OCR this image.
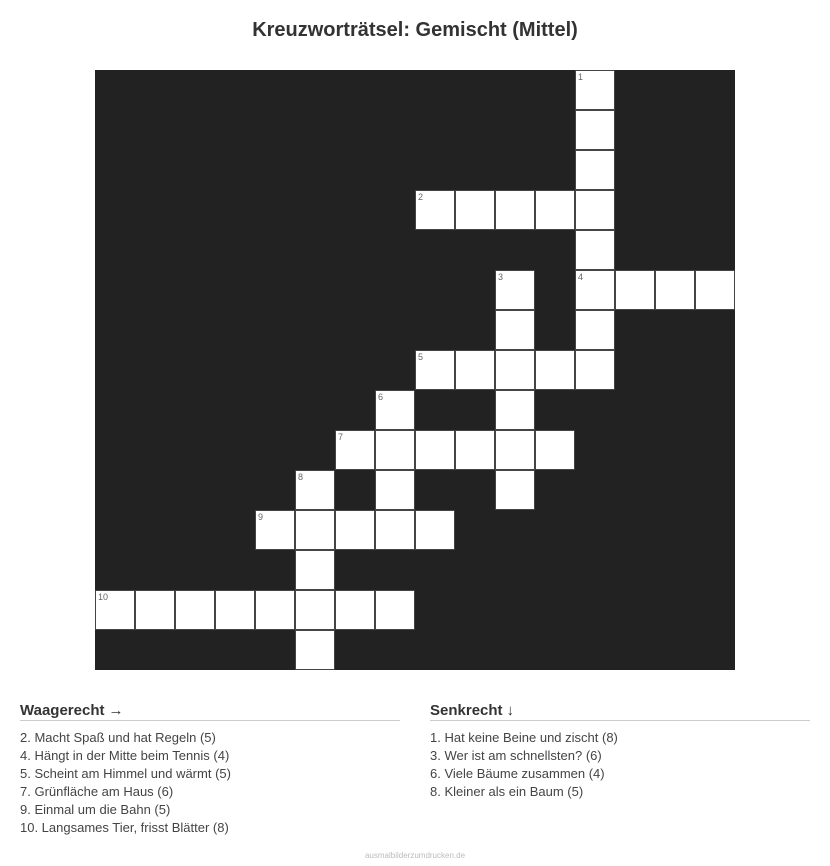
Kreuzworträtsel: Gemischt (Mittel)
1
2
3	4
5
6
7
8
9
10
Waagerecht →
2. Macht Spaß und hat Regeln (5)
4. Hängt in der Mitte beim Tennis (4)
5. Scheint am Himmel und wärmt (5)
7. Grünfläche am Haus (6)
9. Einmal um die Bahn (5)
10. Langsames Tier, frisst Blätter (8)
Senkrecht ↓
1. Hat keine Beine und zischt (8)
3. Wer ist am schnellsten? (6)
6. Viele Bäume zusammen (4)
8. Kleiner als ein Baum (5)
ausmalbilderzumdrucken.de
